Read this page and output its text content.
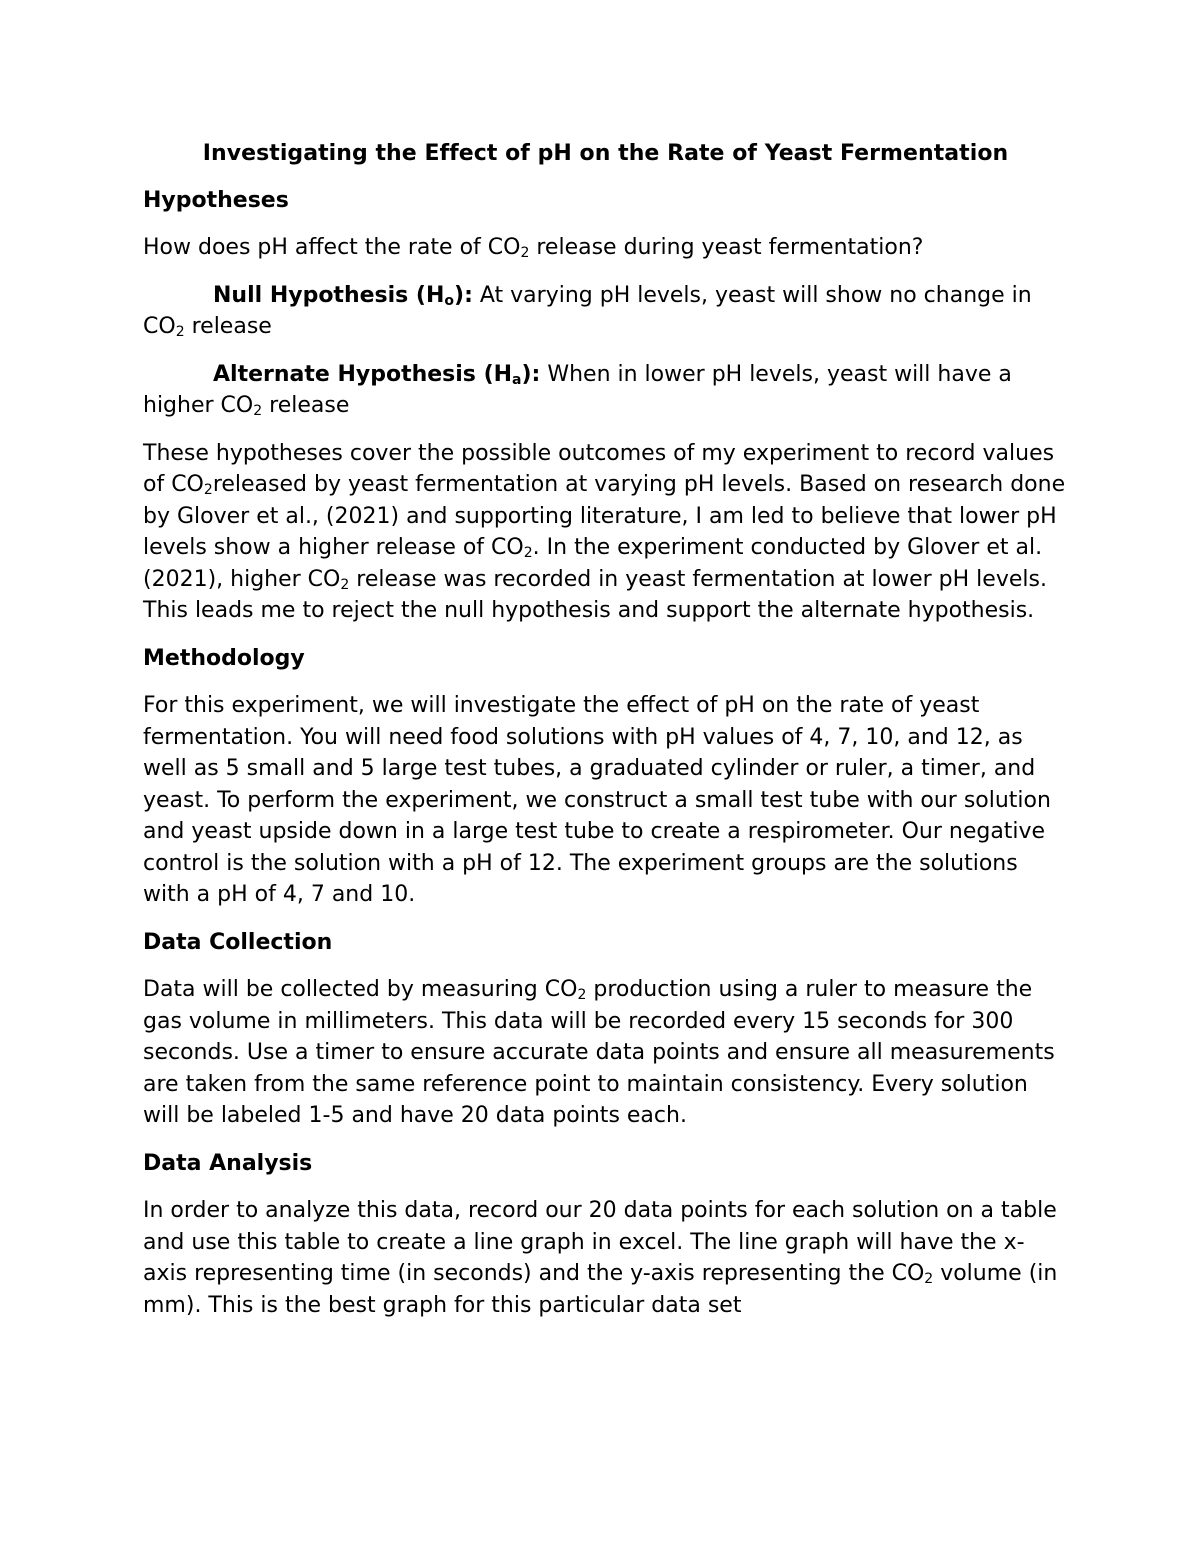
Investigating the Effect of pH on the Rate of Yeast Fermentation
Hypotheses

How does pH affect the rate of $CO_2$ release during yeast fermentation?

Null Hypothesis $(H_o)$: At varying pH levels, yeast will show no change in $CO_2$ release

Alternate Hypothesis $(H_a)$: When in lower pH levels, yeast will have a higher $CO_2$ release

These hypotheses cover the possible outcomes of my experiment to record values of $CO_2released$ by yeast fermentation at varying pH levels. Based on research done by Glover et al., (2021) and supporting literature, I am led to believe that lower pH levels show a higher release of $CO_2$. In the experiment conducted by Glover et al. (2021), higher $CO_2$ release was recorded in yeast fermentation at lower pH levels. This leads me to reject the null hypothesis and support the alternate hypothesis.

Methodology

For this experiment, we will investigate the effect of pH on the rate of yeast fermentation. You will need food solutions with pH values of 4, 7, 10, and 12, as well as 5 small and 5 large test tubes, a graduated cylinder or ruler, a timer, and yeast. To perform the experiment, we construct a small test tube with our solution and yeast upside down in a large test tube to create a respirometer. Our negative control is the solution with a pH of 12. The experiment groups are the solutions with a pH of 4, 7 and 10.

Data Collection

Data will be collected by measuring $CO_2$ production using a ruler to measure the gas volume in millimeters. This data will be recorded every 15 seconds for 300 seconds. Use a timer to ensure accurate data points and ensure all measurements are taken from the same reference point to maintain consistency. Every solution will be labeled 1-5 and have 20 data points each.

Data Analysis

In order to analyze this data, record our 20 data points for each solution on a table and use this table to create a line graph in excel. The line graph will have the x-axis representing time (in seconds) and the y-axis representing the $CO_2$ volume (in mm). This is the best graph for this particular data set
